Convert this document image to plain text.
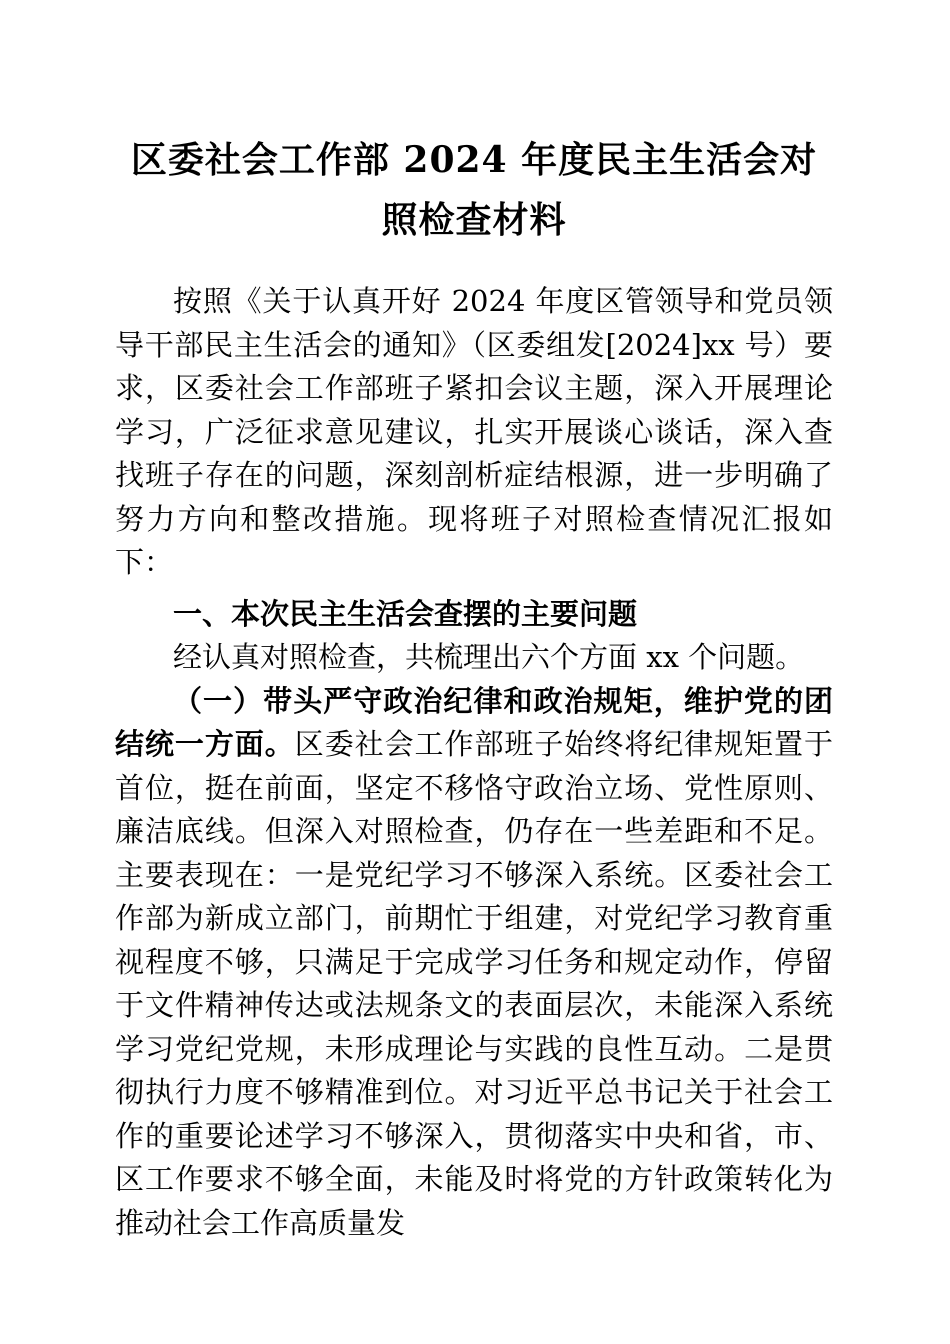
区委社会工作部 2024 年度民主生活会对照检查材料

按照《关于认真开好 2024 年度区管领导和党员领导干部民主生活会的通知》（区委组发[2024]xx 号）要求，区委社会工作部班子紧扣会议主题，深入开展理论学习，广泛征求意见建议，扎实开展谈心谈话，深入查找班子存在的问题，深刻剖析症结根源，进一步明确了努力方向和整改措施。现将班子对照检查情况汇报如下：

一、本次民主生活会查摆的主要问题

经认真对照检查，共梳理出六个方面 xx 个问题。

（一）带头严守政治纪律和政治规矩，维护党的团结统一方面。区委社会工作部班子始终将纪律规矩置于首位，挺在前面，坚定不移恪守政治立场、党性原则、廉洁底线。但深入对照检查，仍存在一些差距和不足。主要表现在：一是党纪学习不够深入系统。区委社会工作部为新成立部门，前期忙于组建，对党纪学习教育重视程度不够，只满足于完成学习任务和规定动作，停留于文件精神传达或法规条文的表面层次，未能深入系统学习党纪党规，未形成理论与实践的良性互动。二是贯彻执行力度不够精准到位。对习近平总书记关于社会工作的重要论述学习不够深入，贯彻落实中央和省，市、区工作要求不够全面，未能及时将党的方针政策转化为推动社会工作高质量发
